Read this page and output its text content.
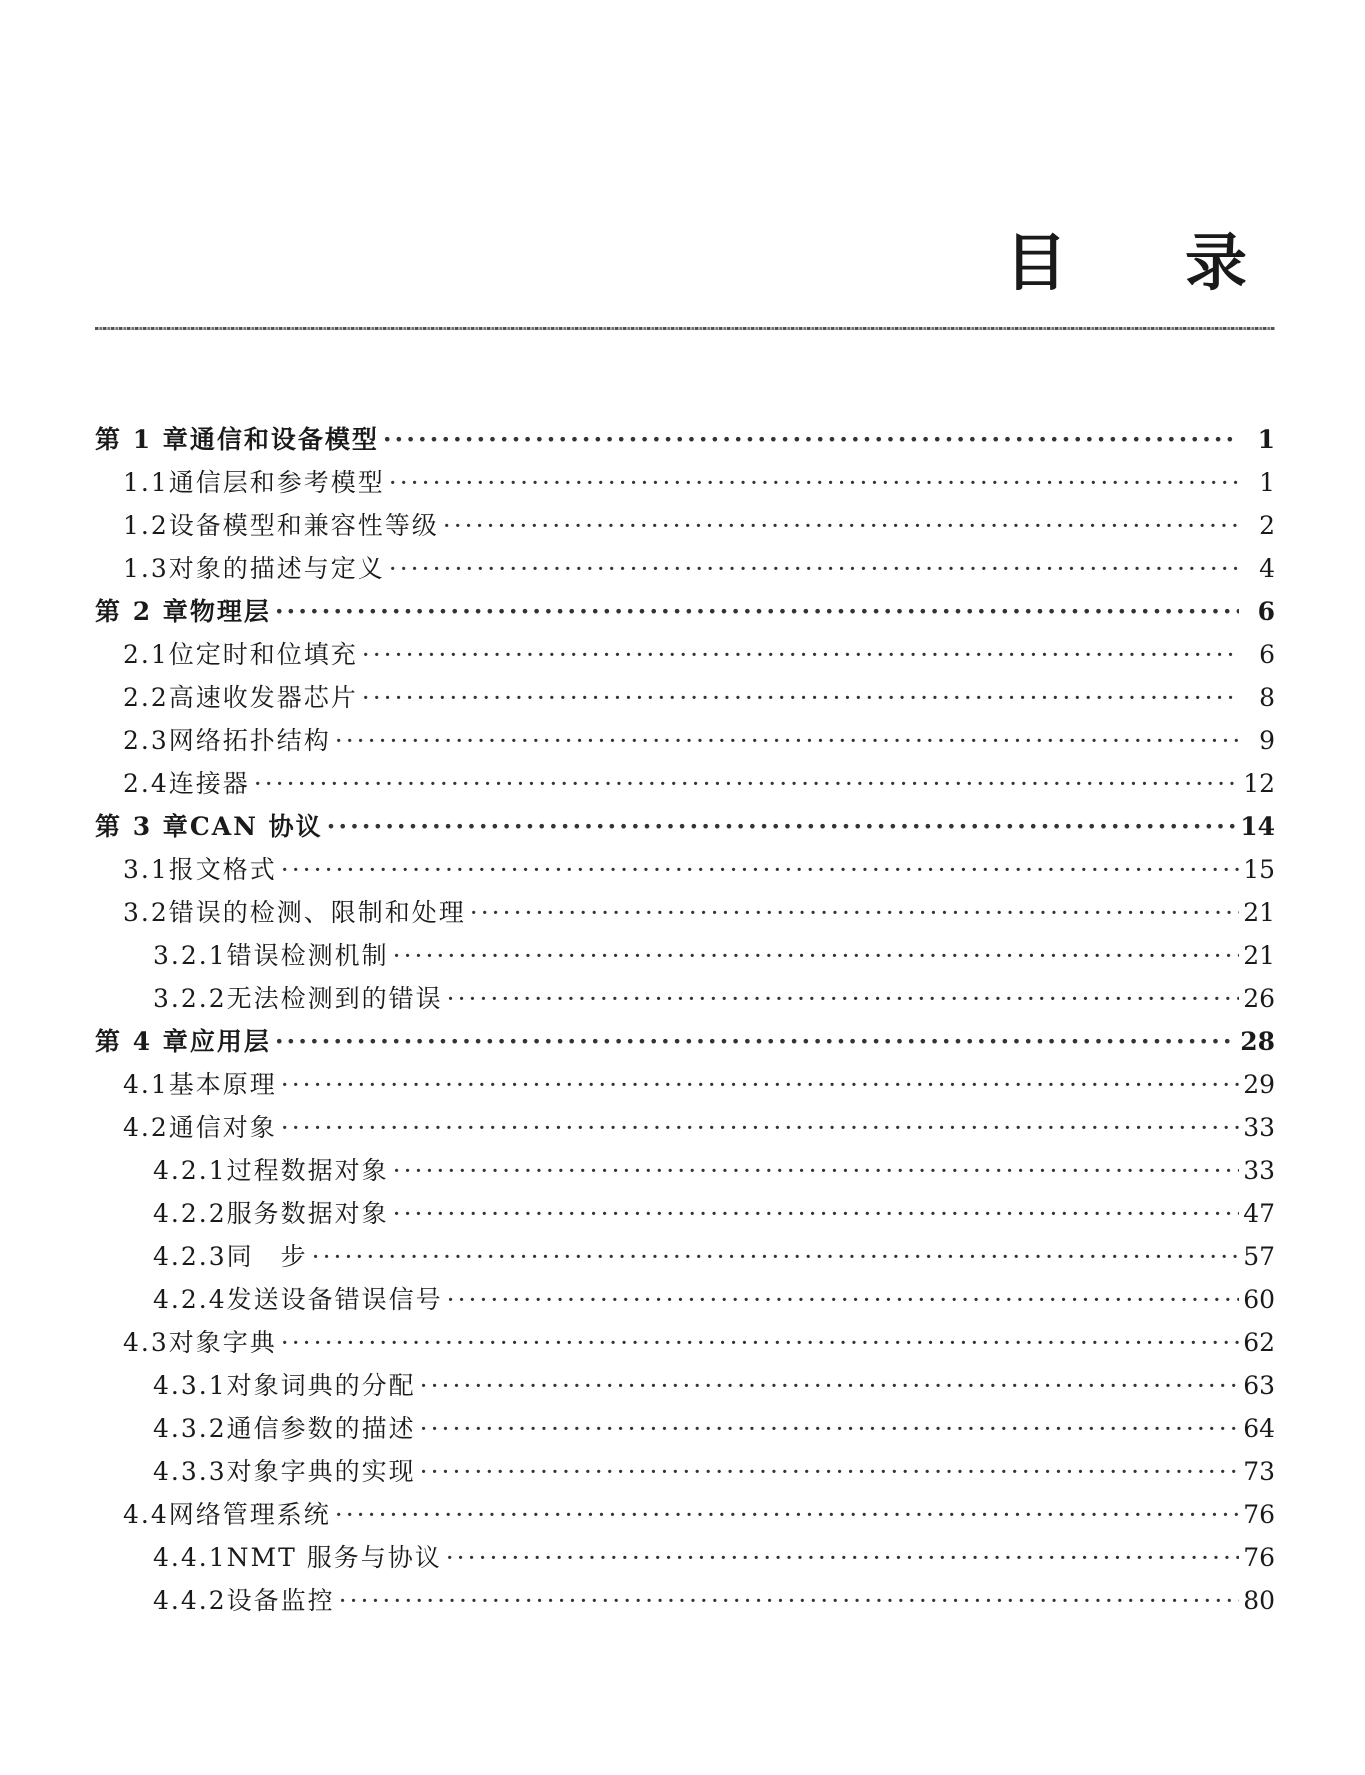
目 录
第 1 章 通信和设备模型 ·····	1
1.1 通信层和参考模型 ·····	1
1.2 设备模型和兼容性等级 ·····	2
1.3 对象的描述与定义 ·····	4
第 2 章 物理层 ·····	6
2.1 位定时和位填充 ·····	6
2.2 高速收发器芯片 ·····	8
2.3 网络拓扑结构 ·····	9
2.4 连接器 ·····	12
第 3 章 CAN 协议 ·····	14
3.1 报文格式 ·····	15
3.2 错误的检测、限制和处理 ·····	21
3.2.1 错误检测机制 ·····	21
3.2.2 无法检测到的错误 ·····	26
第 4 章 应用层 ·····	28
4.1 基本原理 ·····	29
4.2 通信对象 ·····	33
4.2.1 过程数据对象 ·····	33
4.2.2 服务数据对象 ·····	47
4.2.3 同　步 ·····	57
4.2.4 发送设备错误信号 ·····	60
4.3 对象字典 ·····	62
4.3.1 对象词典的分配 ·····	63
4.3.2 通信参数的描述 ·····	64
4.3.3 对象字典的实现 ·····	73
4.4 网络管理系统 ·····	76
4.4.1 NMT 服务与协议 ·····	76
4.4.2 设备监控 ·····	80
